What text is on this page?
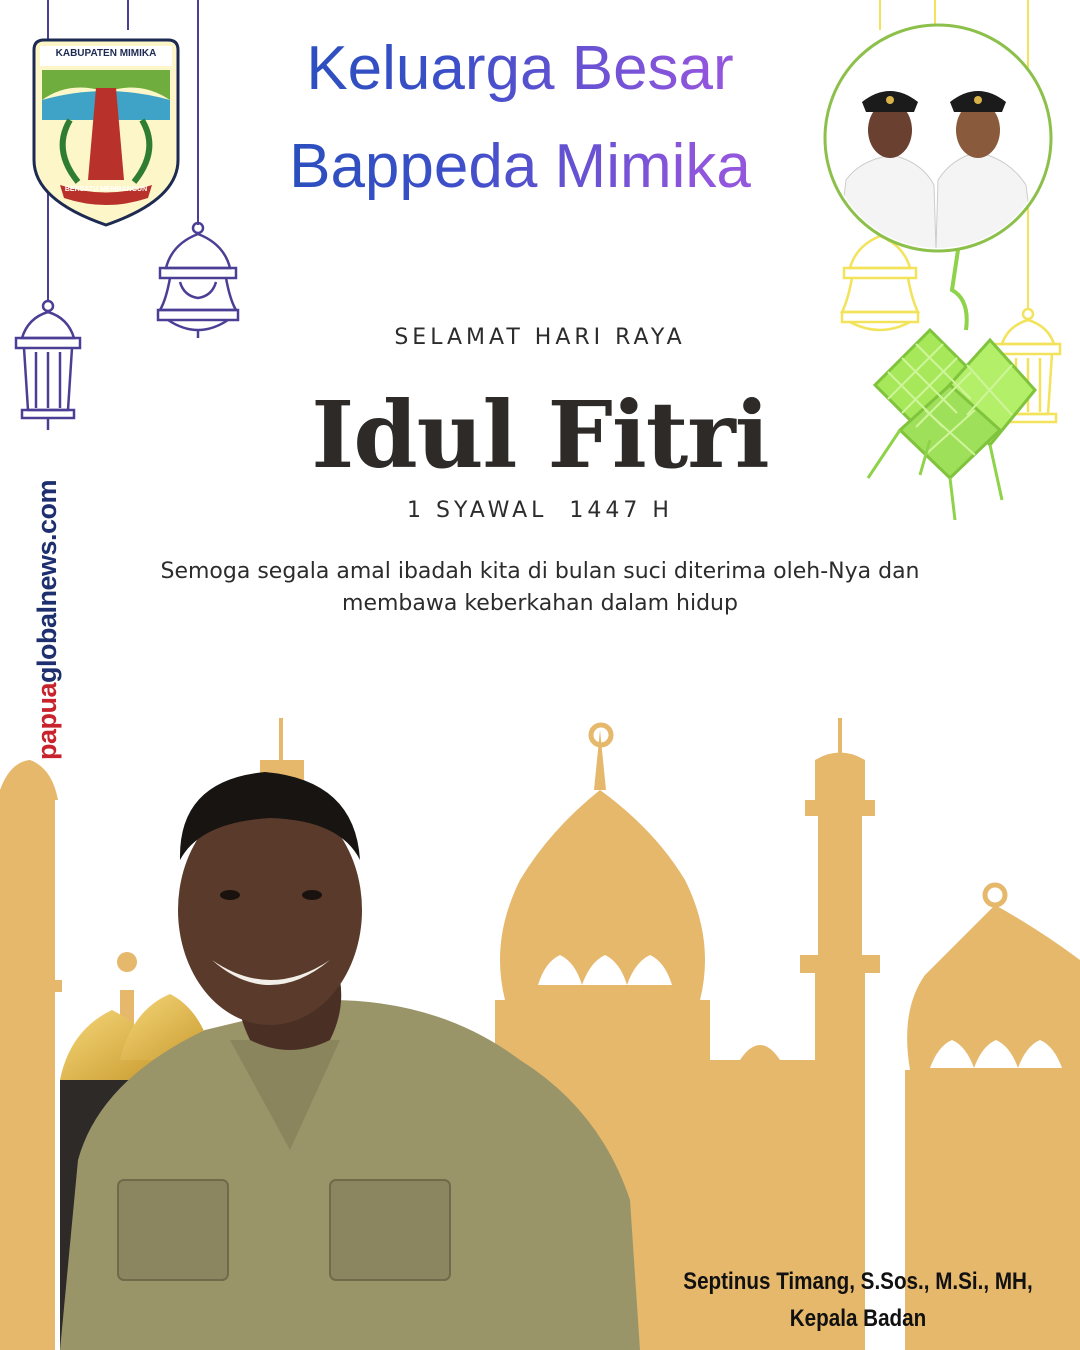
KABUPATEN MIMIKA
BERSATU MEMBANGUN
Keluarga Besar
Bappeda Mimika
SELAMAT HARI RAYA
Idul Fitri
1 SYAWAL  1447 H
Semoga segala amal ibadah kita di bulan suci diterima oleh-Nya dan membawa keberkahan dalam hidup
papuaglobalnews.com
Septinus Timang, S.Sos., M.Si., MH,
Kepala Badan
